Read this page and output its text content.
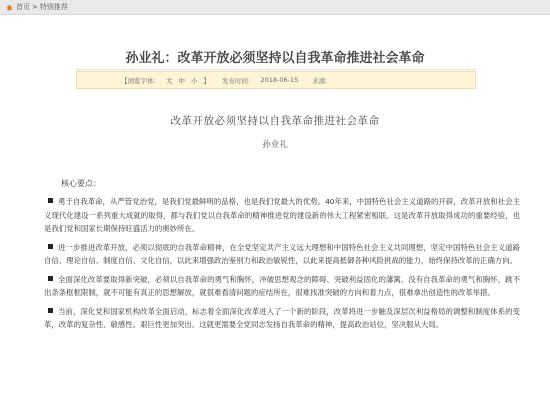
首页 > 特别推荐
孙业礼：改革开放必须坚持以自我革命推进社会革命
【浏览字体： 大 中 小 】 发布时间： 2018-06-15 来源：
改革开放必须坚持以自我革命推进社会革命
孙业礼
核心要点：

勇于自我革命，从严管党治党，是我们党最鲜明的品格，也是我们党最大的优势。40年来，中国特色社会主义道路的开辟，改革开放和社会主义现代化建设一系列重大成就的取得，都与我们党以自我革命的精神推进党的建设新的伟大工程紧密相联。这是改革开放取得成功的重要经验，也是我们党和国家长期保持旺盛活力的奥妙所在。

进一步推进改革开放，必须以彻底的自我革命精神，在全党坚定共产主义远大理想和中国特色社会主义共同理想，坚定中国特色社会主义道路自信、理论自信、制度自信、文化自信，以此来增强政治鉴别力和政治敏锐性，以此来提高抵御各种风险挑战的能力，始终保持改革的正确方向。

全面深化改革要取得新突破，必须以自我革命的勇气和胸怀，冲破思想观念的障碍、突破利益固化的藩篱。没有自我革命的勇气和胸怀，跳不出条条框框限制，就不可能有真正的思想解放，就很难看清问题的症结所在，很难找准突破的方向和着力点，很难拿出创造性的改革举措。

当前，深化党和国家机构改革全面启动，标志着全面深化改革进入了一个新的阶段，改革将进一步触及深层次利益格局的调整和制度体系的变革，改革的复杂性、敏感性、艰巨性更加突出。这就更需要全党同志发扬自我革命的精神，提高政治站位，坚决服从大局。
